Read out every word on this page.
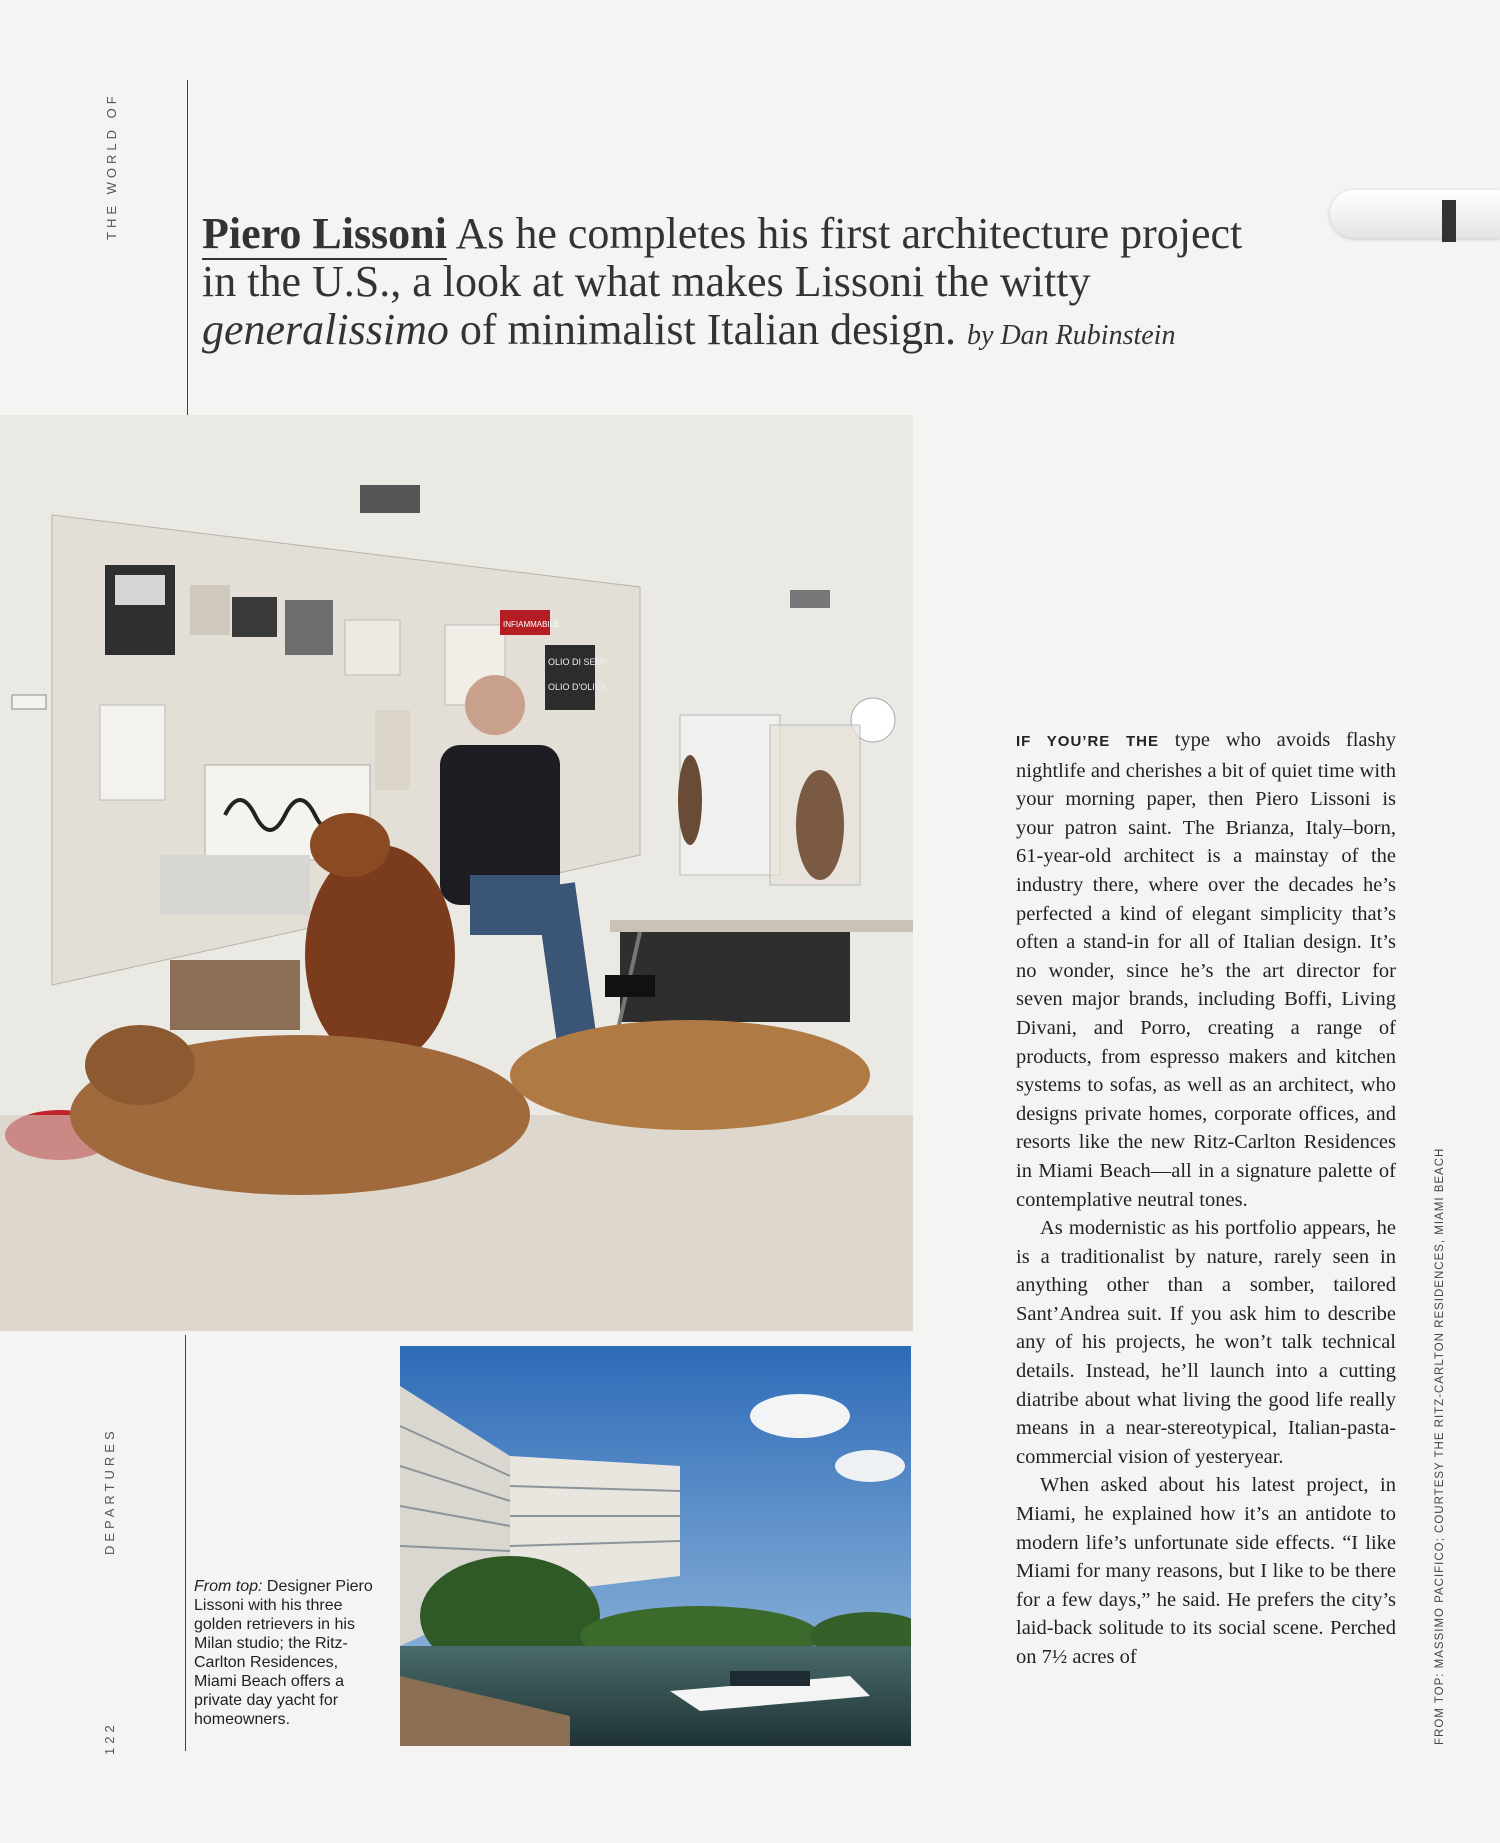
THE WORLD OF Piero Lissoni As he completes his first architecture project in the U.S., a look at what makes Lissoni the witty generalissimo of minimalist Italian design. by Dan Rubinstein
INFIAMMABILE
OLIO DI SEMI
OLIO D'OLIVA
DEPARTURES
122
From top: Designer Piero Lissoni with his three golden retrievers in his Milan studio; the Ritz-Carlton Residences, Miami Beach offers a private day yacht for homeowners.

IF YOU’RE THE type who avoids flashy nightlife and cherishes a bit of quiet time with your morning paper, then Piero Lissoni is your patron saint. The Brianza, Italy–born, 61-year-old architect is a mainstay of the industry there, where over the decades he’s perfected a kind of elegant simplicity that’s often a stand-in for all of Italian design. It’s no wonder, since he’s the art director for seven major brands, including Boffi, Living Divani, and Porro, creating a range of products, from espresso makers and kitchen systems to sofas, as well as an architect, who designs private homes, corporate offices, and resorts like the new Ritz-Carlton Residences in Miami Beach—all in a signature palette of contemplative neutral tones.

As modernistic as his portfolio appears, he is a traditionalist by nature, rarely seen in anything other than a somber, tailored Sant’Andrea suit. If you ask him to describe any of his projects, he won’t talk technical details. Instead, he’ll launch into a cutting diatribe about what living the good life really means in a near-stereotypical, Italian-pasta-commercial vision of yesteryear.

When asked about his latest project, in Miami, he explained how it’s an antidote to modern life’s unfortunate side effects. “I like Miami for many reasons, but I like to be there for a few days,” he said. He prefers the city’s laid-back solitude to its social scene. Perched on 7½ acres of	FROM TOP: MASSIMO PACIFICO; COURTESY THE RITZ-CARLTON RESIDENCES, MIAMI BEACH
